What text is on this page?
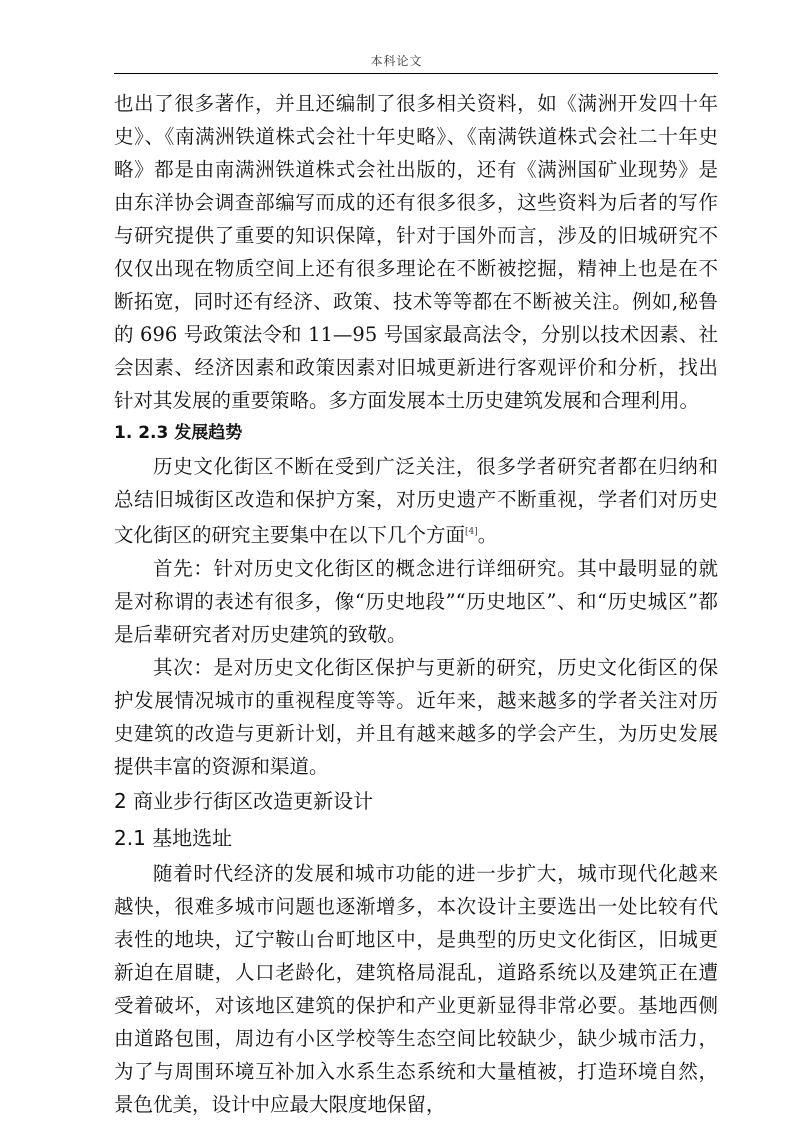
本科论文

也出了很多著作，并且还编制了很多相关资料，如《满洲开发四十年史》、《南满洲铁道株式会社十年史略》、《南满铁道株式会社二十年史略》都是由南满洲铁道株式会社出版的，还有《满洲国矿业现势》是由东洋协会调查部编写而成的还有很多很多，这些资料为后者的写作与研究提供了重要的知识保障，针对于国外而言，涉及的旧城研究不仅仅出现在物质空间上还有很多理论在不断被挖掘，精神上也是在不断拓宽，同时还有经济、政策、技术等等都在不断被关注。例如,秘鲁的 696 号政策法令和 11—95 号国家最高法令，分别以技术因素、社会因素、经济因素和政策因素对旧城更新进行客观评价和分析，找出针对其发展的重要策略。多方面发展本土历史建筑发展和合理利用。

1. 2.3 发展趋势

历史文化街区不断在受到广泛关注，很多学者研究者都在归纳和总结旧城街区改造和保护方案，对历史遗产不断重视，学者们对历史文化街区的研究主要集中在以下几个方面[4]。

首先：针对历史文化街区的概念进行详细研究。其中最明显的就是对称谓的表述有很多，像“历史地段”“历史地区”、和“历史城区”都是后辈研究者对历史建筑的致敬。

其次：是对历史文化街区保护与更新的研究，历史文化街区的保护发展情况城市的重视程度等等。近年来，越来越多的学者关注对历史建筑的改造与更新计划，并且有越来越多的学会产生，为历史发展提供丰富的资源和渠道。

2 商业步行街区改造更新设计
2.1 基地选址

随着时代经济的发展和城市功能的进一步扩大，城市现代化越来越快，很难多城市问题也逐渐增多，本次设计主要选出一处比较有代表性的地块，辽宁鞍山台町地区中，是典型的历史文化街区，旧城更新迫在眉睫，人口老龄化，建筑格局混乱，道路系统以及建筑正在遭受着破坏，对该地区建筑的保护和产业更新显得非常必要。基地西侧由道路包围，周边有小区学校等生态空间比较缺少，缺少城市活力，为了与周围环境互补加入水系生态系统和大量植被，打造环境自然，景色优美，设计中应最大限度地保留，
